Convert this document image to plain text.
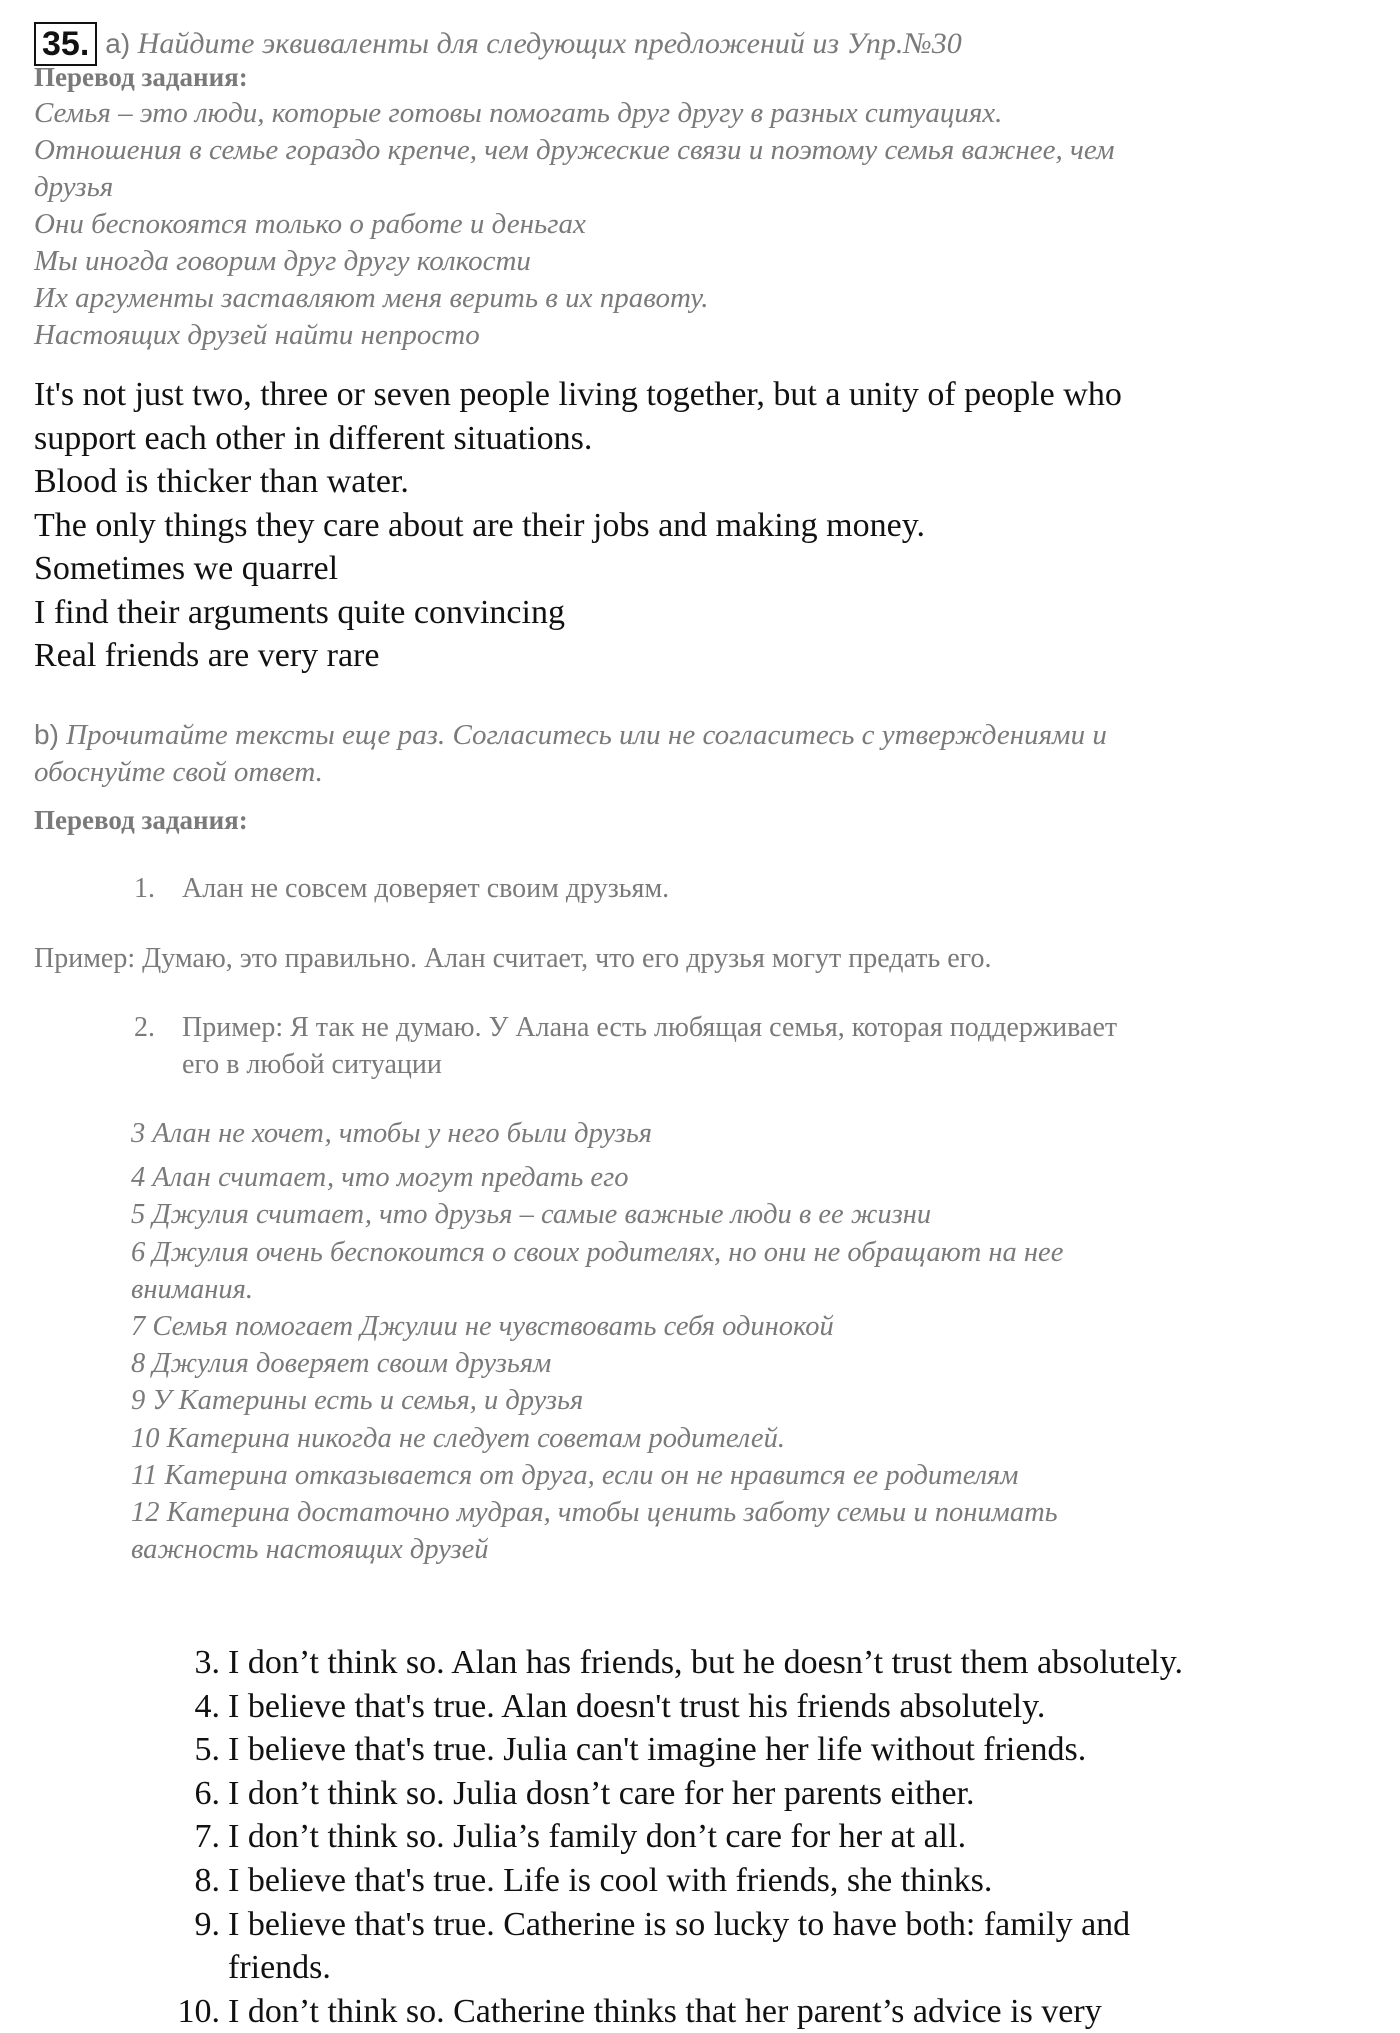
35. a) Найдите эквиваленты для следующих предложений из Упр.№30
Перевод задания:
Семья – это люди, которые готовы помогать друг другу в разных ситуациях.
Отношения в семье гораздо крепче, чем дружеские связи и поэтому семья важнее, чем
друзья
Они беспокоятся только о работе и деньгах
Мы иногда говорим друг другу колкости
Их аргументы заставляют меня верить в их правоту.
Настоящих друзей найти непросто
It's not just two, three or seven people living together, but a unity of people who
support each other in different situations.
Blood is thicker than water.
The only things they care about are their jobs and making money.
Sometimes we quarrel
I find their arguments quite convincing
Real friends are very rare
b) Прочитайте тексты еще раз. Согласитесь или не согласитесь с утверждениями и
обоснуйте свой ответ.
Перевод задания:
1. Алан не совсем доверяет своим друзьям.
Пример: Думаю, это правильно. Алан считает, что его друзья могут предать его.
2. Пример: Я так не думаю. У Алана есть любящая семья, которая поддерживает
его в любой ситуации
3 Алан не хочет, чтобы у него были друзья
4 Алан считает, что могут предать его
5 Джулия считает, что друзья – самые важные люди в ее жизни
6 Джулия очень беспокоится о своих родителях, но они не обращают на нее
внимания.
7 Семья помогает Джулии не чувствовать себя одинокой
8 Джулия доверяет своим друзьям
9 У Катерины есть и семья, и друзья
10 Катерина никогда не следует советам родителей.
11 Катерина отказывается от друга, если он не нравится ее родителям
12 Катерина достаточно мудрая, чтобы ценить заботу семьи и понимать
важность настоящих друзей
3. I don’t think so. Alan has friends, but he doesn’t trust them absolutely.
4. I believe that's true. Alan doesn't trust his friends absolutely.
5. I believe that's true. Julia can't imagine her life without friends.
6. I don’t think so. Julia dosn’t care for her parents either.
7. I don’t think so. Julia’s family don’t care for her at all.
8. I believe that's true. Life is cool with friends, she thinks.
9. I believe that's true. Catherine is so lucky to have both: family and
friends.
10. I don’t think so. Catherine thinks that her parent’s advice is very
